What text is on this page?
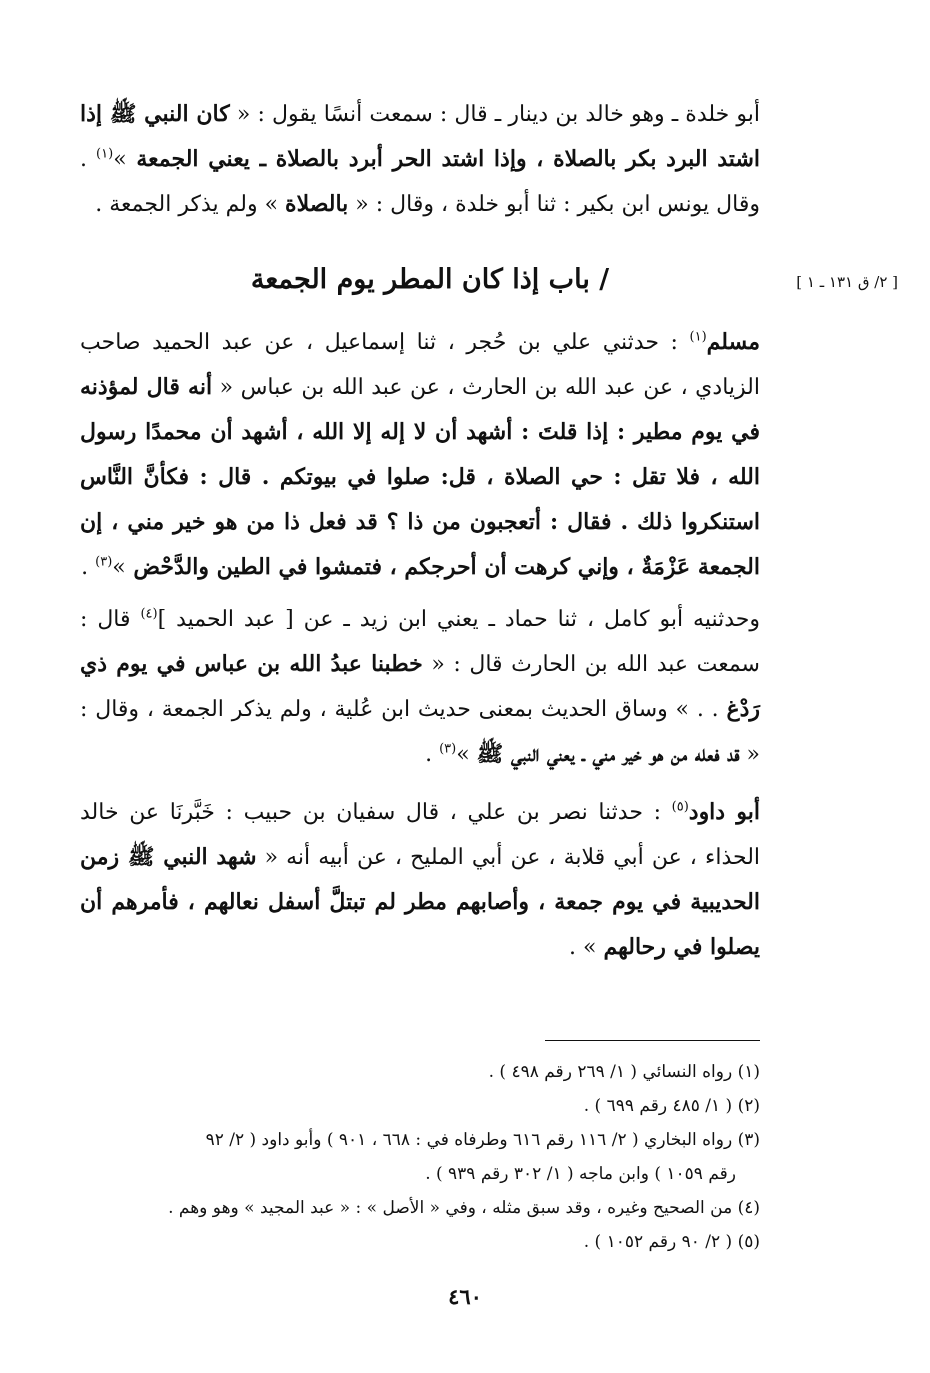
أبو خلدة ـ وهو خالد بن دينار ـ قال : سمعت أنسًا يقول : « كان النبي ﷺ إذا اشتد البرد بكر بالصلاة ، وإذا اشتد الحر أبرد بالصلاة ـ يعني الجمعة »$^{(١)}$ . وقال يونس ابن بكير : ثنا أبو خلدة ، وقال : « بالصلاة » ولم يذكر الجمعة .

[ ٢/ ق ١٣١ ـ ١ ]
/ باب إذا كان المطر يوم الجمعة

مسلم$^{(١)}$ : حدثني علي بن حُجر ، ثنا إسماعيل ، عن عبد الحميد صاحب الزيادي ، عن عبد الله بن الحارث ، عن عبد الله بن عباس « أنه قال لمؤذنه في يوم مطير : إذا قلتَ : أشهد أن لا إله إلا الله ، أشهد أن محمدًا رسول الله ، فلا تقل : حي الصلاة ، قل: صلوا في بيوتكم . قال : فكأنَّ النَّاس استنكروا ذلك . فقال : أتعجبون من ذا ؟ قد فعل ذا من هو خير مني ، إن الجمعة عَزْمَةٌ ، وإني كرهت أن أحرجكم ، فتمشوا في الطين والدَّحْض »$^{(٣)}$ .

وحدثنيه أبو كامل ، ثنا حماد ـ يعني ابن زيد ـ عن [ عبد الحميد ]$^{(٤)}$ قال : سمعت عبد الله بن الحارث قال : « خطبنا عبدُ الله بن عباس في يوم ذي رَدْغ . . » وساق الحديث بمعنى حديث ابن عُلية ، ولم يذكر الجمعة ، وقال : « قد فعله من هو خير مني ـ يعني النبي ﷺ »$^{(٣)}$ .

أبو داود$^{(٥)}$ : حدثنا نصر بن علي ، قال سفيان بن حبيب : خَبَّرنَا عن خالد الحذاء ، عن أبي قلابة ، عن أبي المليح ، عن أبيه أنه « شهد النبي ﷺ زمن الحديبية في يوم جمعة ، وأصابهم مطر لم تبتلَّ أسفل نعالهم ، فأمرهم أن يصلوا في رحالهم » .

(١) رواه النسائي ( ١/ ٢٦٩ رقم ٤٩٨ ) .
(٢) ( ١/ ٤٨٥ رقم ٦٩٩ ) .
(٣) رواه البخاري ( ٢/ ١١٦ رقم ٦١٦ وطرفاه في : ٦٦٨ ، ٩٠١ ) وأبو داود ( ٢/ ٩٢
رقم ١٠٥٩ ) وابن ماجه ( ١/ ٣٠٢ رقم ٩٣٩ ) .
(٤) من الصحيح وغيره ، وقد سبق مثله ، وفي « الأصل » : « عبد المجيد » وهو وهم .
(٥) ( ٢/ ٩٠ رقم ١٠٥٢ ) .
٤٦٠
